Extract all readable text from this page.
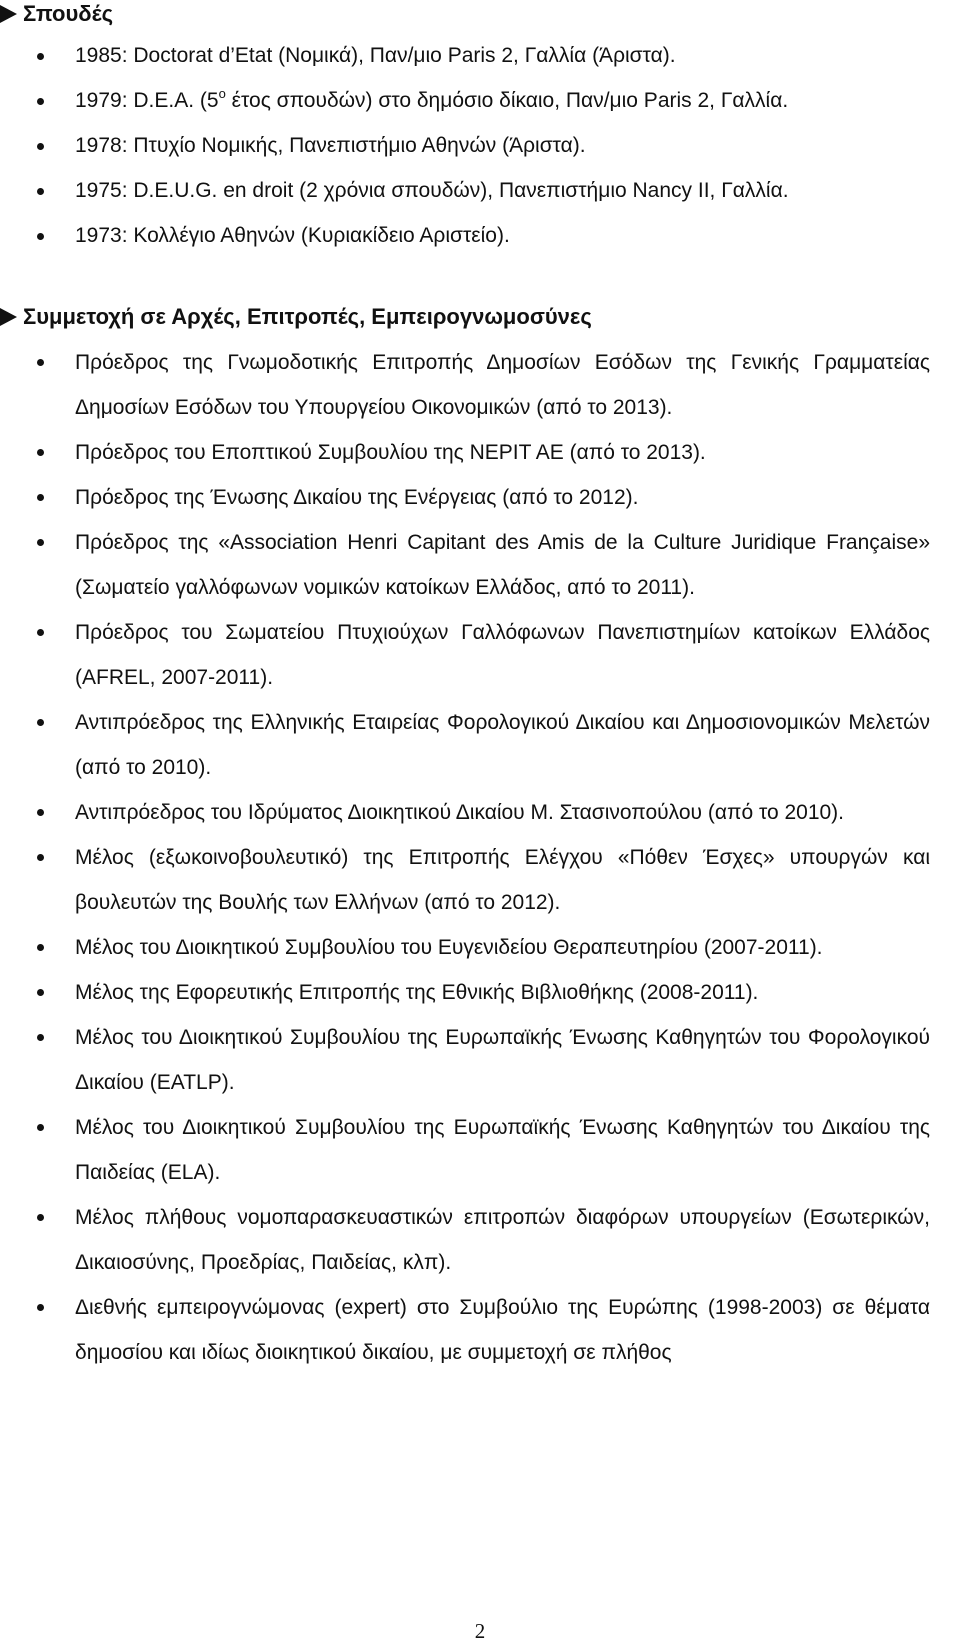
Σπουδές
1985: Doctorat d’Etat (Νομικά), Παν/μιο Paris 2, Γαλλία (Άριστα).
1979: D.E.A. ($5^o$ έτος σπουδών) στο δημόσιο δίκαιο, Παν/μιο Paris 2, Γαλλία.
1978: Πτυχίο Νομικής, Πανεπιστήμιο Αθηνών (Άριστα).
1975: D.E.U.G. en droit (2 χρόνια σπουδών), Πανεπιστήμιο Nancy II, Γαλλία.
1973: Κολλέγιο Αθηνών (Κυριακίδειο Αριστείο).
Συμμετοχή σε Αρχές, Επιτροπές, Εμπειρογνωμοσύνες
Πρόεδρος της Γνωμοδοτικής Επιτροπής Δημοσίων Εσόδων της Γενικής Γραμματείας Δημοσίων Εσόδων του Υπουργείου Οικονομικών (από το 2013).
Πρόεδρος του Εποπτικού Συμβουλίου της ΝΕΡΙΤ ΑΕ (από το 2013).
Πρόεδρος της Ένωσης Δικαίου της Ενέργειας (από το 2012).
Πρόεδρος της «Association Henri Capitant des Amis de la Culture Juridique Française» (Σωματείο γαλλόφωνων νομικών κατοίκων Ελλάδος, από το 2011).
Πρόεδρος του Σωματείου Πτυχιούχων Γαλλόφωνων Πανεπιστημίων κατοίκων Ελλάδος (AFREL, 2007-2011).
Αντιπρόεδρος της Ελληνικής Εταιρείας Φορολογικού Δικαίου και Δημοσιονομικών Μελετών (από το 2010).
Αντιπρόεδρος του Ιδρύματος Διοικητικού Δικαίου Μ. Στασινοπούλου (από το 2010).
Μέλος (εξωκοινοβουλευτικό) της Επιτροπής Ελέγχου «Πόθεν Έσχες» υπουργών και βουλευτών της Βουλής των Ελλήνων (από το 2012).
Μέλος του Διοικητικού Συμβουλίου του Ευγενιδείου Θεραπευτηρίου (2007-2011).
Μέλος της Εφορευτικής Επιτροπής της Εθνικής Βιβλιοθήκης (2008-2011).
Μέλος του Διοικητικού Συμβουλίου της Ευρωπαϊκής Ένωσης Καθηγητών του Φορολογικού Δικαίου (EATLP).
Μέλος του Διοικητικού Συμβουλίου της Ευρωπαϊκής Ένωσης Καθηγητών του Δικαίου της Παιδείας (ELA).
Μέλος πλήθους νομοπαρασκευαστικών επιτροπών διαφόρων υπουργείων (Εσωτερικών, Δικαιοσύνης, Προεδρίας, Παιδείας, κλπ).
Διεθνής εμπειρογνώμονας (expert) στο Συμβούλιο της Ευρώπης (1998-2003) σε θέματα δημοσίου και ιδίως διοικητικού δικαίου, με συμμετοχή σε πλήθος
2
